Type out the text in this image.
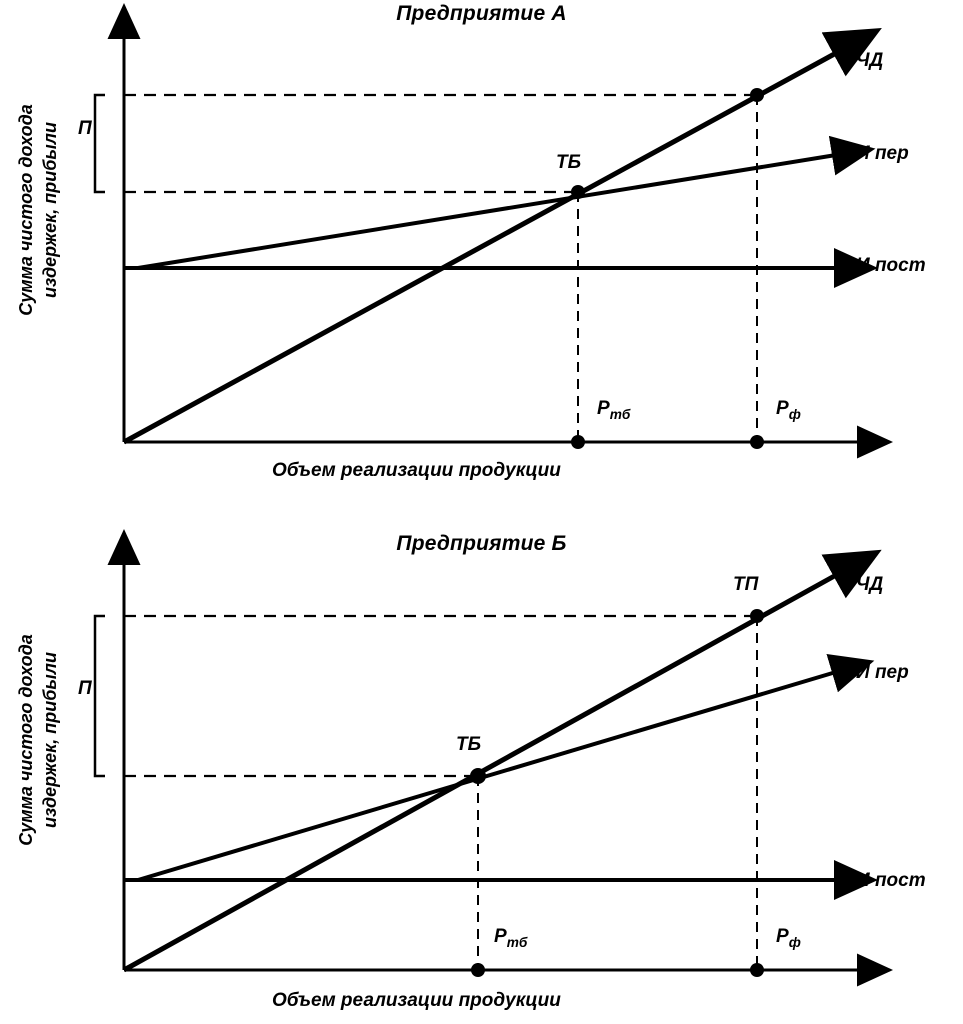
Предприятие А
Сумма чистого дохода издержек, прибыли
Объем реализации продукции
ЧД
И пер
И пост
ТБ
П
$Р_{тб}$	$Р_ф$
Предприятие Б
Сумма чистого дохода издержек, прибыли
Объем реализации продукции
ЧД
И пер
И пост
ТБ
ТП
П
$Р_{тб}$	$Р_ф$
